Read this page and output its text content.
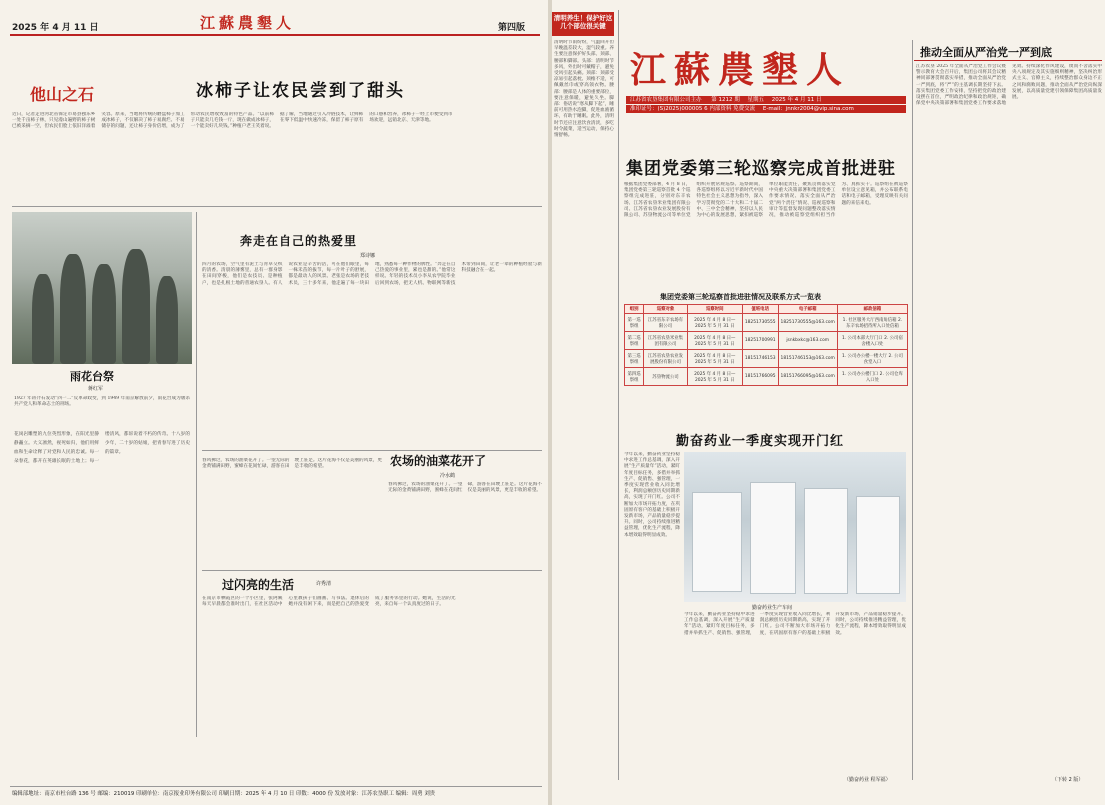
2025 年 4 月 11 日	江蘇農墾人	第四版
他山之石	冰柿子让农民尝到了甜头
近日，记者走进河北省保定市易县独乐乡一处千亩柿子林，只见漫山遍野的柿子树已被采摘一空，但农民们脸上依旧洋溢着笑容。原来，当地将传统的磨盘柿子加工成冰柿子，不仅解决了柿子易腐烂、不易储存的问题，还让柿子身价倍增，成为了带动农民增收致富的特色产品。“以前柿子只能卖几毛钱一斤，现在做成冰柿子，一个能卖好几块钱。”种植户老王笑着说。据了解，当地通过引入冷链技术，让鲜柿在零下低温中快速冷冻，保留了柿子原有的口感和营养，冰柿子一经上市便受到市场欢迎，远销北京、天津等地。
雨花台祭
蒋红军
1927 年蒋介石发动“四一二”反革命政变，到 1949 年南京解放前夕，雨花台成为屠杀共产党人和革命志士的刑场。
花岗岩雕塑的九位英烈形象，在阳光里静静矗立。大义凛然，视死如归，他们用鲜血和生命诠释了对党和人民的忠诚。每一朵春花，都开在英雄长眠的土地上；每一缕清风，都诉说着不朽的传奇。十八岁的少年，二十岁的姑娘，把青春写进了历史的篇章。
奔走在自己的热爱里
郑诗娜
四月的农场，空气里有泥土与青草交织的清香。清晨的薄雾里，总有一群身影在田间穿梭，他们是农技员、是种植户，也是扎根土地的普通农垦人。有人说农业是辛苦的活，可在他们眼里，每一株禾苗的拔节，每一片叶子的舒展，都是最动人的风景。老张是农场的老技术员，三十多年来，他走遍了每一块田地，熟悉每一种作物的脾性。“奔走在自己热爱的事业里，累也是甜的。”他常这样说。年轻的技术员小李从农学院毕业后回到农场，把无人机、物联网等新技术带到田间，让老一辈的种植经验与新科技融合在一起。
农场的油菜花开了
冷水鹤
春风拂过，农场的油菜花开了。一望无际的金黄铺满田野，蜜蜂在花间忙碌，游客在田埂上驻足。这片花海不仅是美丽的风景，更是丰收的希望。
春风拂过，农场的油菜花开了。一望无际的金黄铺满田野，蜜蜂在花间忙碌，游客在田埂上驻足。这片花海不仅是美丽的风景，更是丰收的希望。
过闪亮的生活	许秀清
在南京市栖霞区的一个小区里，张阿姨每天早晨都会准时出门，在社区活动中心里教孩子们画画、写书法。退休后的她并没有闲下来，而是把自己的热爱变成了服务邻里的行动。她说，生活的光亮，来自每一个认真度过的日子。
编辑部地址：南京市杜台路 136 号 邮编：210019 印刷单位：南京报业印务有限公司 印刷日期：2025 年 4 月 10 日 印数：4000 份 发放对象：江苏农垦职工 编辑：周勇 刘贵
清明养生！保护好这几个部位很关键
清明时节雨纷纷，气温回升但早晚温差较大，湿气较重。养生要注意保护好头部、颈部、腰部和脚部。头部：清明时节多风，外出时可戴帽子，避免受风引起头痛。颈部：颈部受凉易引起落枕、颈椎不适，可佩戴丝巾或穿高领衣物。腰部：腰部是人体的重要部位，要注意保暖，避免久坐。脚部：俗话说“寒从脚下起”，睡前可用热水泡脚，促进血液循环，有助于睡眠。此外，清明时节还应注意饮食清淡，多吃时令蔬菜，适当运动，保持心情舒畅。
江蘇農墾人
江苏省农垦集团有限公司主办 第 1212 期 星期五 2025 年 4 月 11 日
准印证号：(S)2025)000005 6 内部资料 免费交流 E-mail：jnnkr2004@vip.sina.com
推动全面从严治党一严到底
江苏农垦 2025 年全面从严治党工作会议暨警示教育大会召开后，集团公司将其会议精神同部署贯彻落实举措，推动全面从严治党一严到底，将“严”的主基调长期坚持下去。落实集团党委工作安排，坚持把党的政治建设摆在首位，严明政治纪律和政治规矩，确保党中央决策部署和集团党委工作要求落地见效。持续深化作风建设，锲而不舍落实中央八项规定及其实施细则精神，坚决纠治形式主义、官僚主义，持续整治群众身边不正之风和腐败问题，推动全面从严治党向纵深发展，以高质量党建引领保障集团高质量发展。
（下转 2 版）
集团党委第三轮巡察完成首批进驻
根据集团党委部署，4 月 8 日，集团党委第三轮巡察首批 4 个巡察组完成进驻，分别对东辛农场、江苏省农垦米业集团有限公司、江苏省农垦农业发展股份有限公司、苏垦物流公司等单位党组织开展常规巡察。巡察期间，各巡察组将以习近平新时代中国特色社会主义思想为指导，深入学习贯彻党的二十大和二十届二中、三中全会精神，坚持以人民为中心的发展思想，紧扣被巡察单位职能责任，聚焦贯彻落实党中央重大决策部署和集团党委工作要求情况、落实全面从严治党“两个责任”情况、巡视巡察和审计等监督发现问题整改落实情况，推动被巡察党组织担当作为、真抓实干。巡察组在被巡察单位设立意见箱，并公布联系电话和电子邮箱，受理反映有关问题的来信来电。
集团党委第三轮巡察首批进驻情况及联系方式一览表
组别	巡察对象	巡察时间	值班电话	电子邮箱	邮政信箱
第一巡察组	江苏省东辛农场有限公司	2025 年 4 月 8 日—2025 年 5 月 31 日	18251730555	18251730555@163.com	1. 社区服务大厅西南角信箱 2. 东辛农场招待所入口处信箱
第二巡察组	江苏省农垦米业集团有限公司	2025 年 4 月 8 日—2025 年 5 月 31 日	18251700991	jsnkbxkc@163.com	1. 公司本部大厅门口 2. 公司宿舍楼入口处
第三巡察组	江苏省农垦农业发展股份有限公司	2025 年 4 月 8 日—2025 年 5 月 31 日	18151746153	18151746153@163.com	1. 公司办公楼一楼大厅 2. 公司食堂入口
第四巡察组	苏垦物流公司	2025 年 4 月 8 日—2025 年 5 月 31 日	18151766095	18151766095@163.com	1. 公司办公楼门口 2. 公司仓库入口处
勤奋药业一季度实现开门红
勤奋药业生产车间
今年以来，勤奋药业坚持稳中求进工作总基调，深入开展“生产质量年”活动，紧盯年度目标任务，多措并举抓生产、促销售、强管理，一季度实现营业收入同比增长，利润总额创历史同期新高，实现了开门红。公司不断加大市场开拓力度，在巩固原有客户的基础上积极开发新市场，产品销量稳步提升。同时，公司持续推进精益管理，优化生产流程，降本增效取得明显成效。
今年以来，勤奋药业坚持稳中求进工作总基调，深入开展“生产质量年”活动，紧盯年度目标任务，多措并举抓生产、促销售、强管理，一季度实现营业收入同比增长，利润总额创历史同期新高，实现了开门红。公司不断加大市场开拓力度，在巩固原有客户的基础上积极开发新市场，产品销量稳步提升。同时，公司持续推进精益管理，优化生产流程，降本增效取得明显成效。
（勤奋药业 程军福）
